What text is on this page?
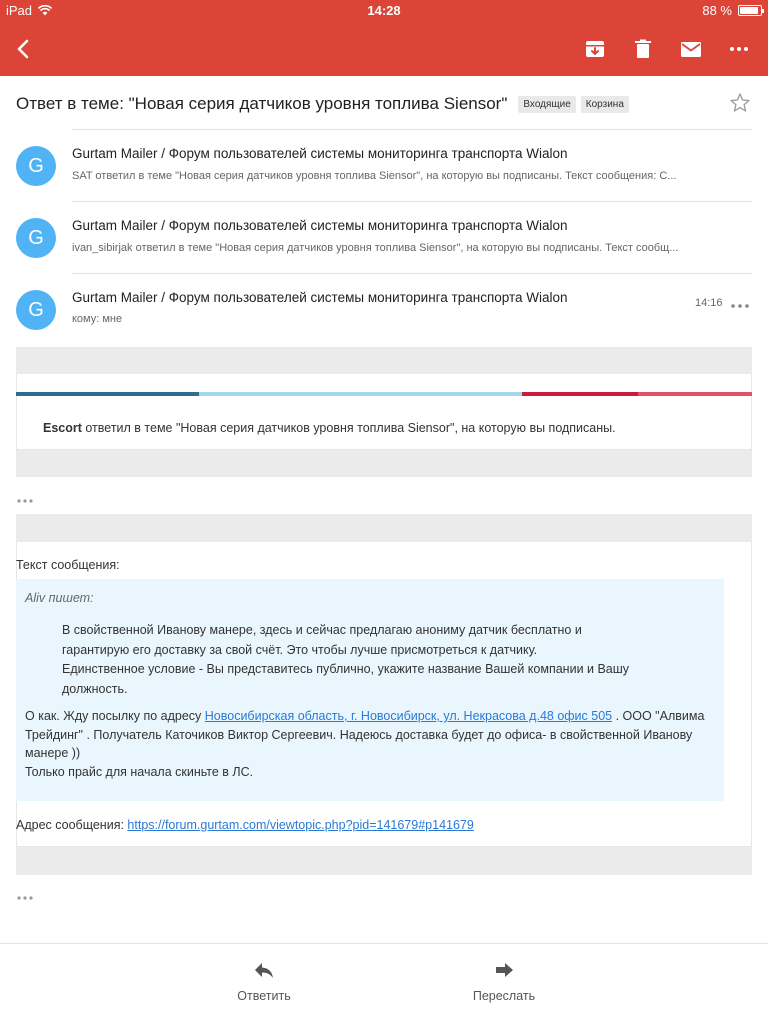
iPad	14:28	88 %
Ответ в теме: "Новая серия датчиков уровня топлива Siensor"	Входящие	Корзина
G
Gurtam Mailer / Форум пользователей системы мониторинга транспорта Wialon
SAT ответил в теме "Новая серия датчиков уровня топлива Siensor", на которую вы подписаны. Текст сообщения: С...
G
Gurtam Mailer / Форум пользователей системы мониторинга транспорта Wialon
ivan_sibirjak ответил в теме "Новая серия датчиков уровня топлива Siensor", на которую вы подписаны. Текст сообщ...
G
Gurtam Mailer / Форум пользователей системы мониторинга транспорта Wialon
кому: мне
14:16
Escort ответил в теме "Новая серия датчиков уровня топлива Siensor", на которую вы подписаны.
Текст сообщения:
Aliv пишет:
В свойственной Иванову манере, здесь и сейчас предлагаю анониму датчик бесплатно и
гарантирую его доставку за свой счёт. Это чтобы лучше присмотреться к датчику.
Единственное условие - Вы представитесь публично, укажите название Вашей компании и Вашу
должность.
О как. Жду посылку по адресу Новосибирская область, г. Новосибирск, ул. Некрасова д.48 офис 505 . ООО "Алвима Трейдинг" . Получатель Каточиков Виктор Сергеевич. Надеюсь доставка будет до офиса- в свойственной Иванову манере ))
Только прайс для начала скиньте в ЛС.
Адрес сообщения: https://forum.gurtam.com/viewtopic.php?pid=141679#p141679
Ответить	Переслать
